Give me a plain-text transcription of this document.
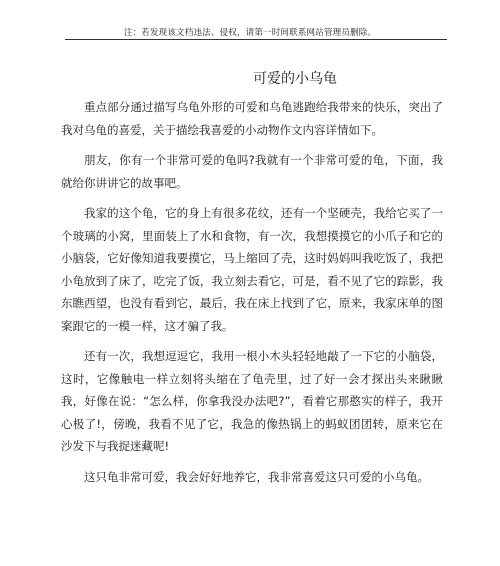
注：若发现该文档违法、侵权，请第一时间联系网站管理员删除。
可爱的小乌龟

重点部分通过描写乌龟外形的可爱和乌龟逃跑给我带来的快乐，突出了我对乌龟的喜爱，关于描绘我喜爱的小动物作文内容详情如下。

朋友，你有一个非常可爱的龟吗?我就有一个非常可爱的龟，下面，我就给你讲讲它的故事吧。

我家的这个龟，它的身上有很多花纹，还有一个坚硬壳，我给它买了一个玻璃的小窝，里面装上了水和食物，有一次，我想摸摸它的小爪子和它的小脑袋，它好像知道我要摸它，马上缩回了壳，这时妈妈叫我吃饭了，我把小龟放到了床了，吃完了饭，我立刻去看它，可是，看不见了它的踪影，我东瞧西望，也没有看到它，最后，我在床上找到了它，原来，我家床单的图案跟它的一模一样，这才骗了我。

还有一次，我想逗逗它，我用一根小木头轻轻地敲了一下它的小脑袋，这时，它像触电一样立刻将头缩在了龟壳里，过了好一会才探出头来瞅瞅我，好像在说：“怎么样，你拿我没办法吧?”，看着它那憨实的样子，我开心极了!，傍晚，我看不见了它，我急的像热锅上的蚂蚁团团转，原来它在沙发下与我捉迷藏呢!

这只龟非常可爱，我会好好地养它，我非常喜爱这只可爱的小乌龟。
